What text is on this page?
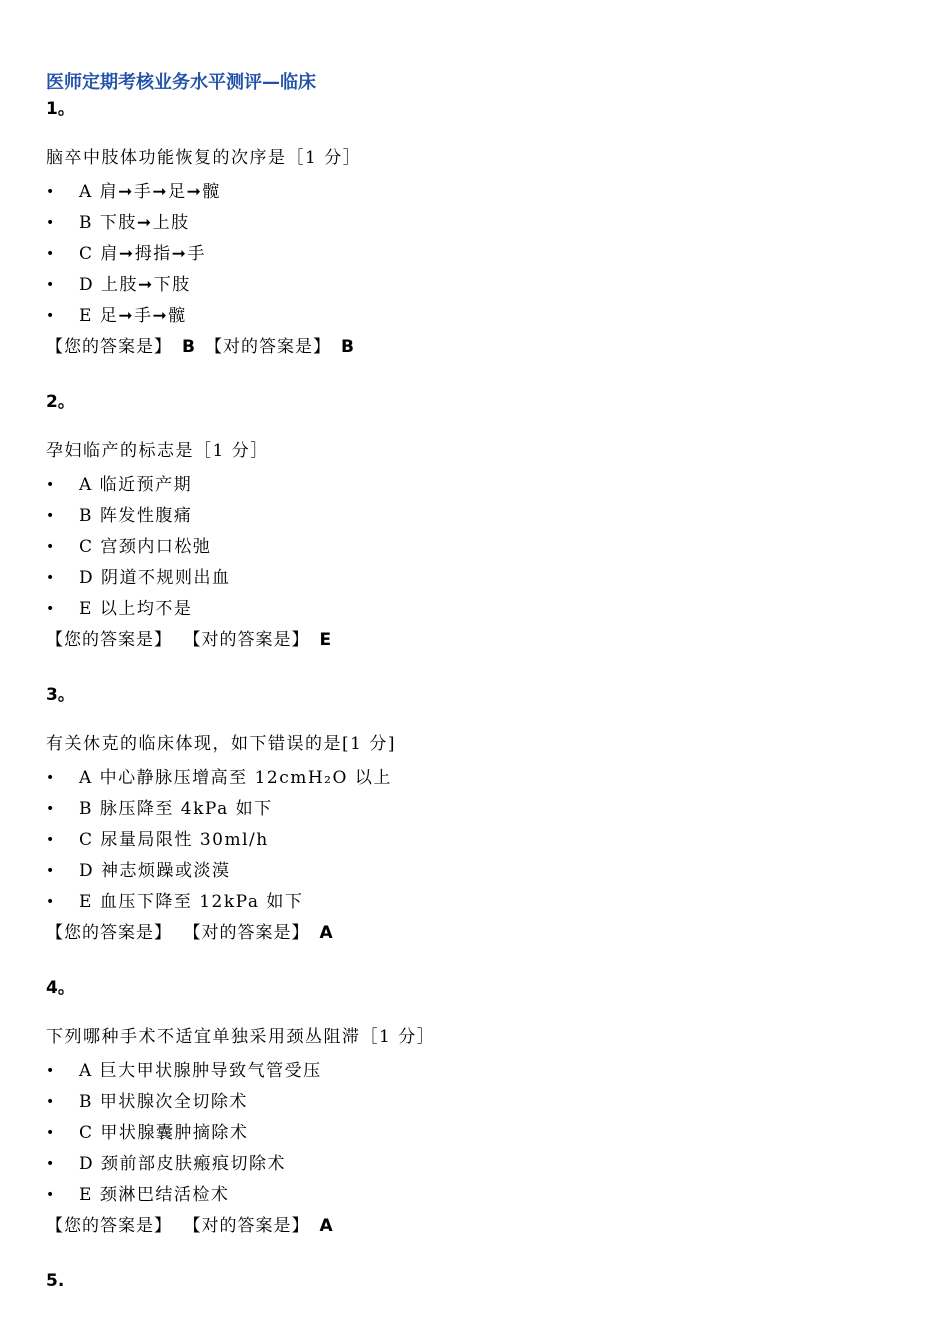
医师定期考核业务水平测评—临床
1。
脑卒中肢体功能恢复的次序是［1 分］
• A 肩➞手➞足➞髋
• B 下肢➞上肢
• C 肩➞拇指➞手
• D 上肢➞下肢
• E 足➞手➞髋
【您的答案是】 B 【对的答案是】 B
2。
孕妇临产的标志是［1 分］
• A 临近预产期
• B 阵发性腹痛
• C 宫颈内口松弛
• D 阴道不规则出血
• E 以上均不是
【您的答案是】 【对的答案是】 E
3。
有关休克的临床体现，如下错误的是[1 分]
• A 中心静脉压增高至 12cmH₂O 以上
• B 脉压降至 4kPa 如下
• C 尿量局限性 30ml/h
• D 神志烦躁或淡漠
• E 血压下降至 12kPa 如下
【您的答案是】 【对的答案是】 A
4。
下列哪种手术不适宜单独采用颈丛阻滞［1 分］
• A 巨大甲状腺肿导致气管受压
• B 甲状腺次全切除术
• C 甲状腺囊肿摘除术
• D 颈前部皮肤瘢痕切除术
• E 颈淋巴结活检术
【您的答案是】 【对的答案是】 A
5.
